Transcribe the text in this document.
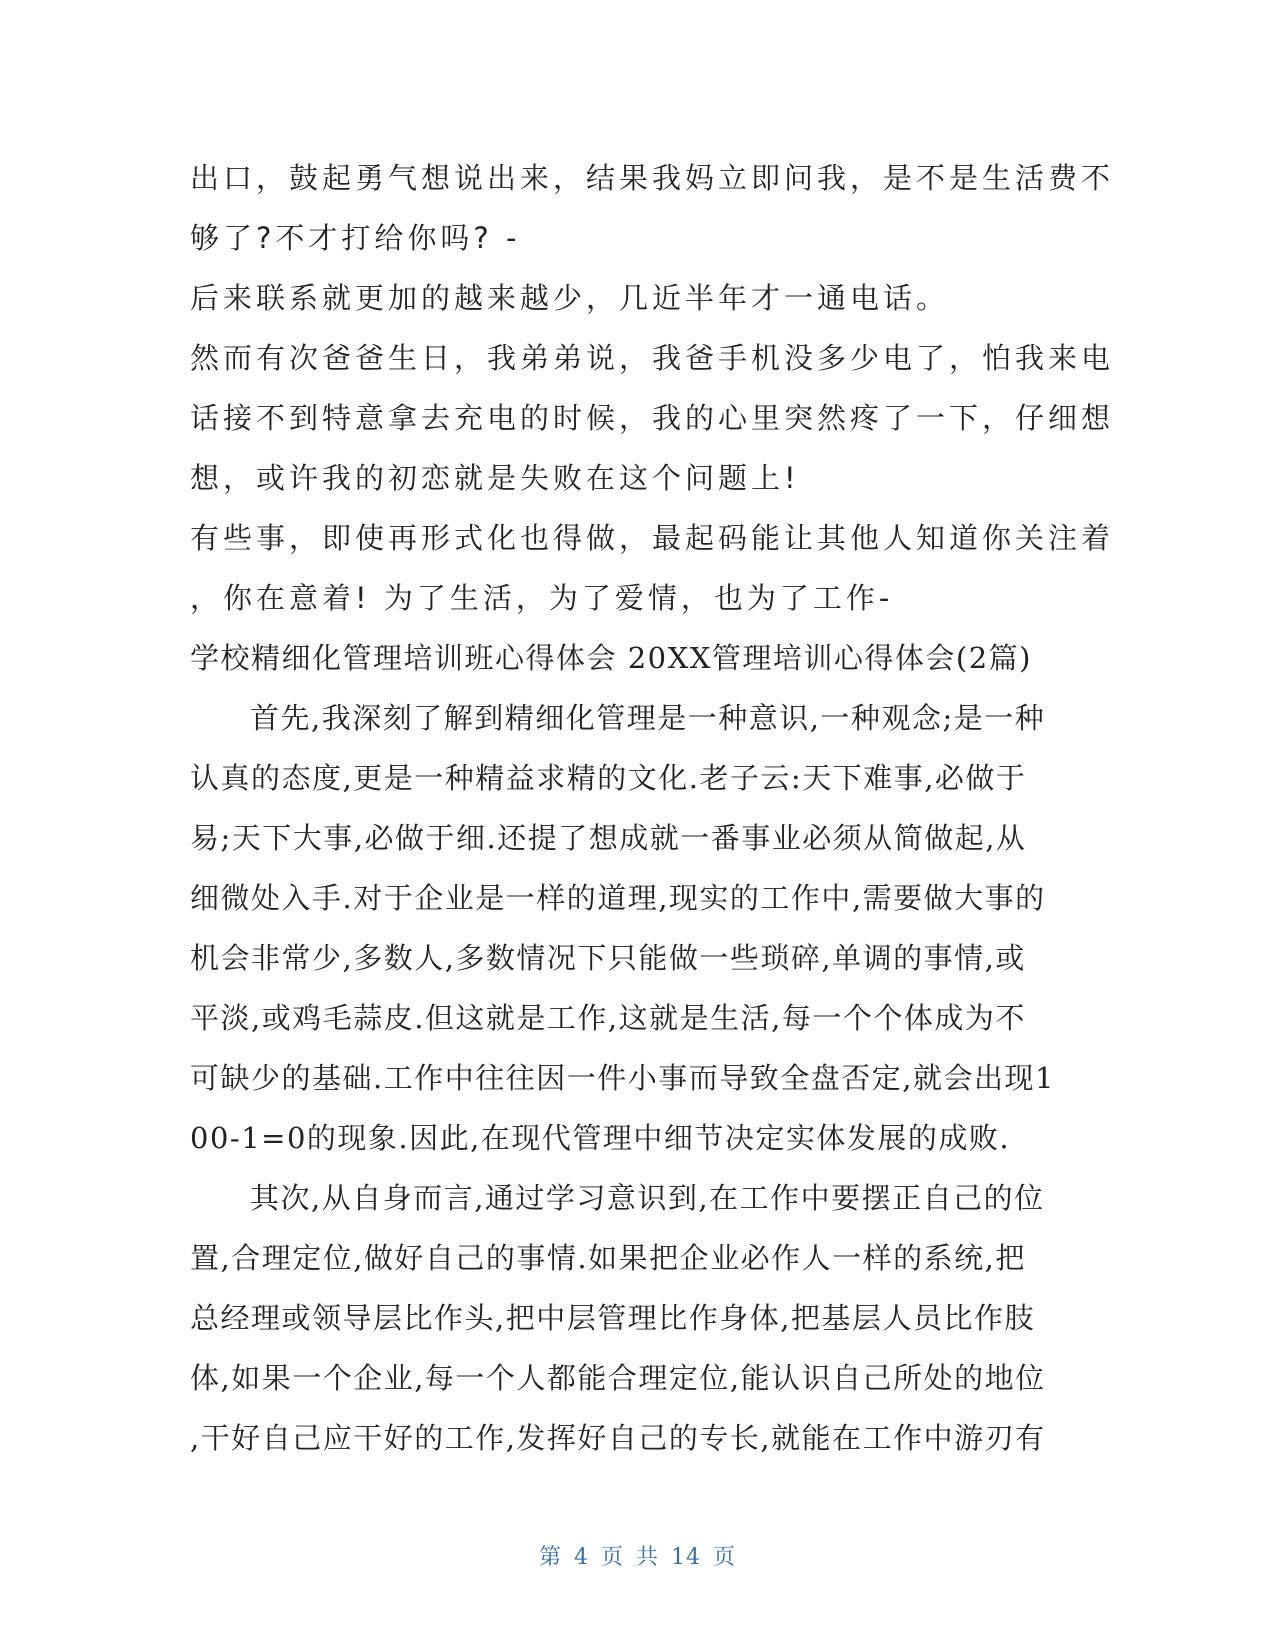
出口，鼓起勇气想说出来，结果我妈立即问我，是不是生活费不
够了?不才打给你吗? -
后来联系就更加的越来越少，几近半年才一通电话。
然而有次爸爸生日，我弟弟说，我爸手机没多少电了，怕我来电
话接不到特意拿去充电的时候，我的心里突然疼了一下，仔细想
想，或许我的初恋就是失败在这个问题上!
有些事，即使再形式化也得做，最起码能让其他人知道你关注着
，你在意着! 为了生活，为了爱情，也为了工作-
学校精细化管理培训班心得体会 20XX管理培训心得体会(2篇)
首先,我深刻了解到精细化管理是一种意识,一种观念;是一种
认真的态度,更是一种精益求精的文化.老子云:天下难事,必做于
易;天下大事,必做于细.还提了想成就一番事业必须从简做起,从
细微处入手.对于企业是一样的道理,现实的工作中,需要做大事的
机会非常少,多数人,多数情况下只能做一些琐碎,单调的事情,或
平淡,或鸡毛蒜皮.但这就是工作,这就是生活,每一个个体成为不
可缺少的基础.工作中往往因一件小事而导致全盘否定,就会出现1
00-1=0的现象.因此,在现代管理中细节决定实体发展的成败.
其次,从自身而言,通过学习意识到,在工作中要摆正自己的位
置,合理定位,做好自己的事情.如果把企业必作人一样的系统,把
总经理或领导层比作头,把中层管理比作身体,把基层人员比作肢
体,如果一个企业,每一个人都能合理定位,能认识自己所处的地位
,干好自己应干好的工作,发挥好自己的专长,就能在工作中游刃有
第 4 页 共 14 页
